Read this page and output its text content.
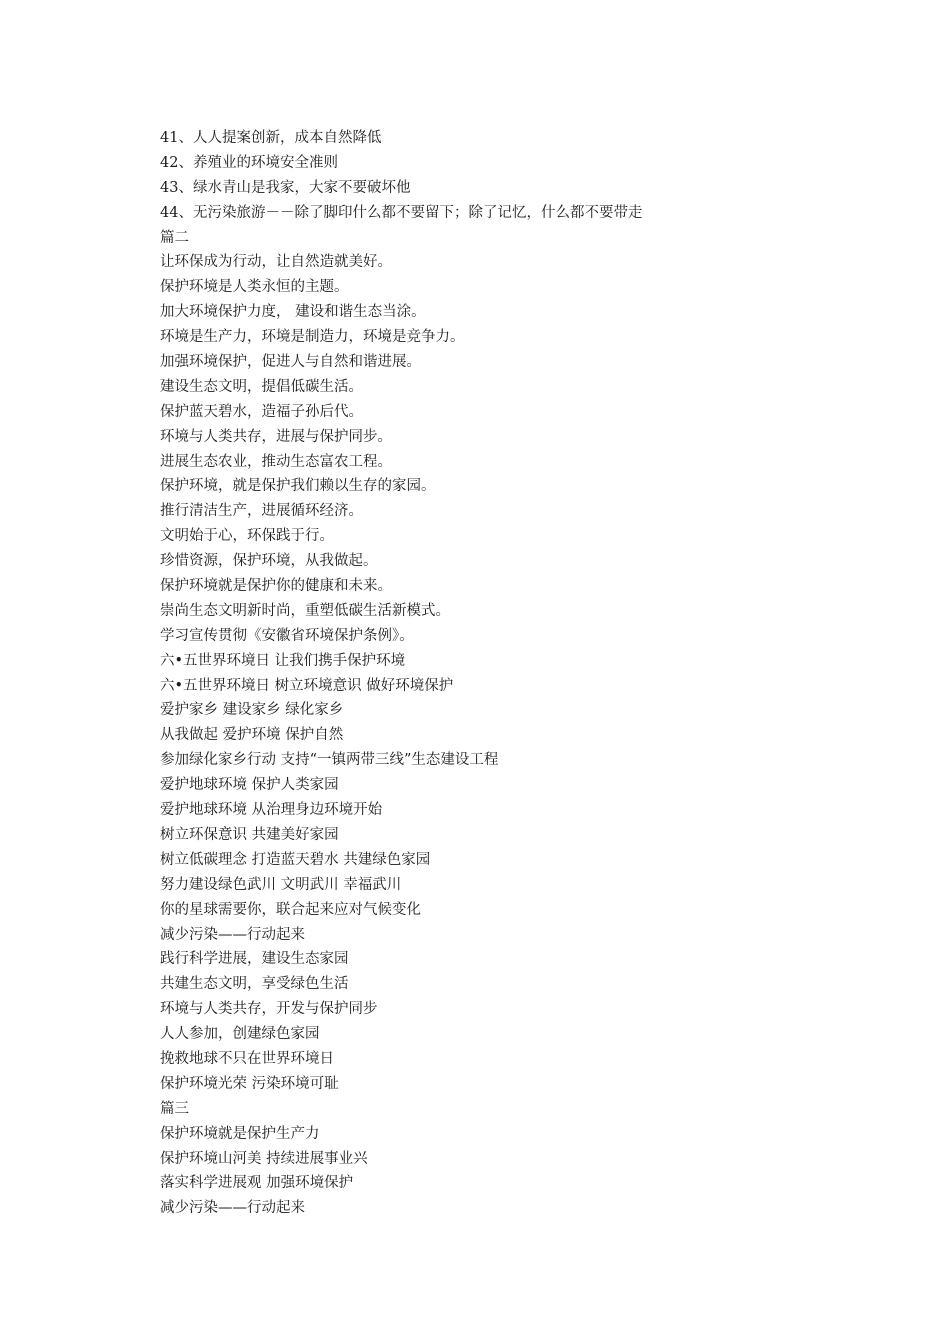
41、人人提案创新，成本自然降低
42、养殖业的环境安全准则
43、绿水青山是我家，大家不要破坏他
44、无污染旅游－－除了脚印什么都不要留下；除了记忆，什么都不要带走
篇二
让环保成为行动，让自然造就美好。
保护环境是人类永恒的主题。
加大环境保护力度， 建设和谐生态当涂。
环境是生产力，环境是制造力，环境是竞争力。
加强环境保护，促进人与自然和谐进展。
建设生态文明，提倡低碳生活。
保护蓝天碧水，造福子孙后代。
环境与人类共存，进展与保护同步。
进展生态农业，推动生态富农工程。
保护环境，就是保护我们赖以生存的家园。
推行清洁生产，进展循环经济。
文明始于心，环保践于行。
珍惜资源，保护环境，从我做起。
保护环境就是保护你的健康和未来。
崇尚生态文明新时尚，重塑低碳生活新模式。
学习宣传贯彻《安徽省环境保护条例》。
六•五世界环境日 让我们携手保护环境
六•五世界环境日 树立环境意识 做好环境保护
爱护家乡 建设家乡 绿化家乡
从我做起 爱护环境 保护自然
参加绿化家乡行动 支持“一镇两带三线”生态建设工程
爱护地球环境 保护人类家园
爱护地球环境 从治理身边环境开始
树立环保意识 共建美好家园
树立低碳理念 打造蓝天碧水 共建绿色家园
努力建设绿色武川 文明武川 幸福武川
你的星球需要你，联合起来应对气候变化
减少污染——行动起来
践行科学进展，建设生态家园
共建生态文明，享受绿色生活
环境与人类共存，开发与保护同步
人人参加，创建绿色家园
挽救地球不只在世界环境日
保护环境光荣 污染环境可耻
篇三
保护环境就是保护生产力
保护环境山河美 持续进展事业兴
落实科学进展观 加强环境保护
减少污染——行动起来
